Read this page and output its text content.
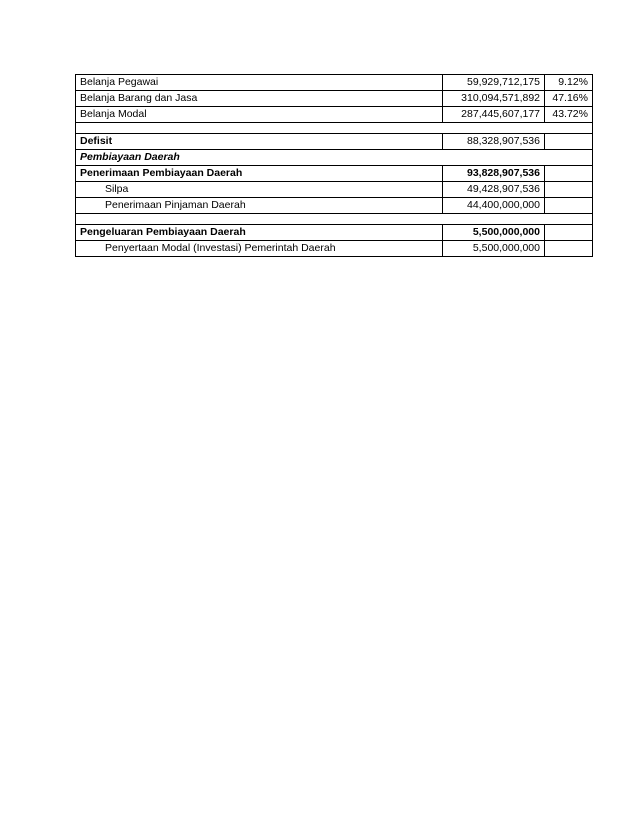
Belanja Pegawai	59,929,712,175	9.12%
Belanja Barang dan Jasa	310,094,571,892	47.16%
Belanja Modal	287,445,607,177	43.72%

Defisit	88,328,907,536	
Pembiayaan Daerah		
Penerimaan Pembiayaan Daerah	93,828,907,536	
Silpa	49,428,907,536	
Penerimaan Pinjaman Daerah	44,400,000,000	

Pengeluaran Pembiayaan Daerah	5,500,000,000	
Penyertaan Modal (Investasi) Pemerintah Daerah	5,500,000,000	
